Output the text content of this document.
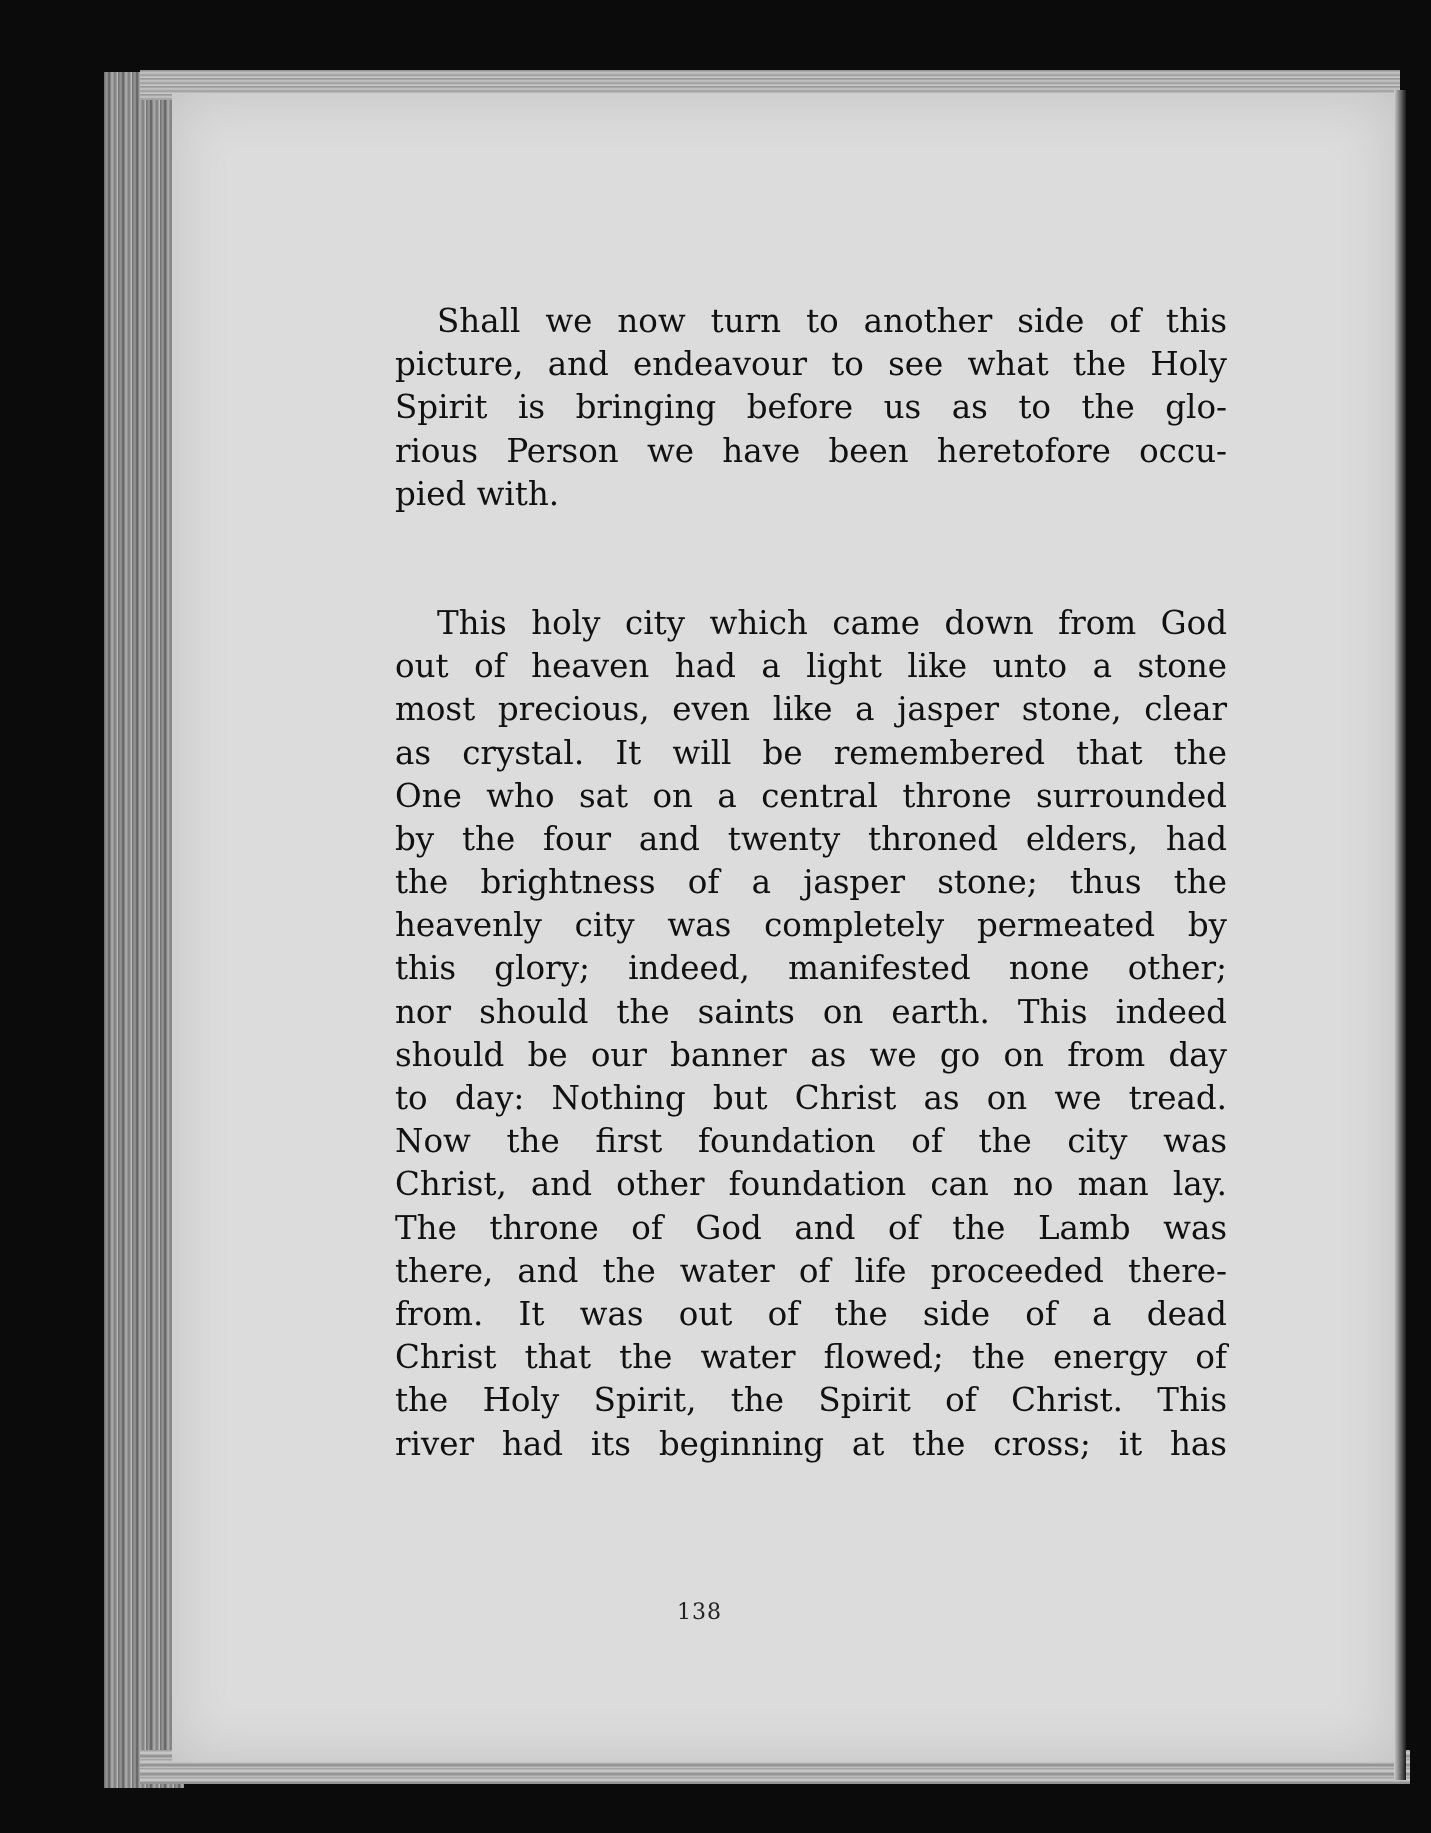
Shall we now turn to another side of this
picture, and endeavour to see what the Holy
Spirit is bringing before us as to the glo-
rious Person we have been heretofore occu-
pied with.
This holy city which came down from God
out of heaven had a light like unto a stone
most precious, even like a jasper stone, clear
as crystal. It will be remembered that the
One who sat on a central throne surrounded
by the four and twenty throned elders, had
the brightness of a jasper stone; thus the
heavenly city was completely permeated by
this glory; indeed, manifested none other;
nor should the saints on earth. This indeed
should be our banner as we go on from day
to day: Nothing but Christ as on we tread.
Now the first foundation of the city was
Christ, and other foundation can no man lay.
The throne of God and of the Lamb was
there, and the water of life proceeded there-
from. It was out of the side of a dead
Christ that the water flowed; the energy of
the Holy Spirit, the Spirit of Christ. This
river had its beginning at the cross; it has
138
